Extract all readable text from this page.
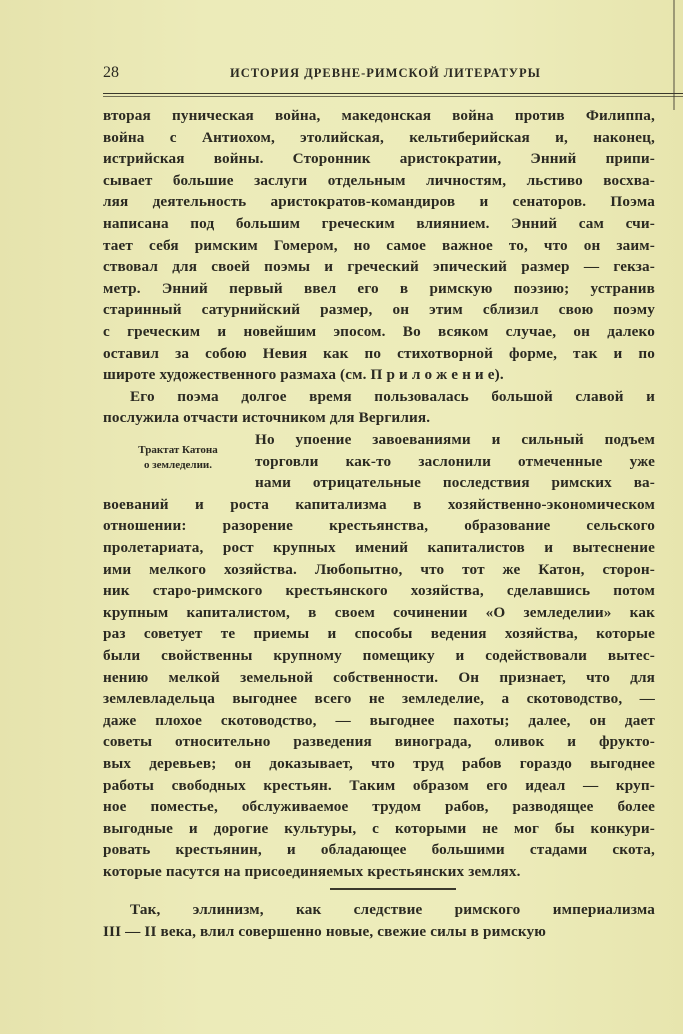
28	ИСТОРИЯ ДРЕВНЕ-РИМСКОЙ ЛИТЕРАТУРЫ
Трактат Катона
о земледелии.
вторая пуническая война, македонская война против Филиппа,
война с Антиохом, этолийская, кельтиберийская и, наконец,
истрийская войны. Сторонник аристократии, Энний припи-
сывает большие заслуги отдельным личностям, льстиво восхва-
ляя деятельность аристократов-командиров и сенаторов. Поэма
написана под большим греческим влиянием. Энний сам счи-
тает себя римским Гомером, но самое важное то, что он заим-
ствовал для своей поэмы и греческий эпический размер — гекза-
метр. Энний первый ввел его в римскую поэзию; устранив
старинный сатурнийский размер, он этим сблизил свою поэму
с греческим и новейшим эпосом. Во всяком случае, он далеко
оставил за собою Невия как по стихотворной форме, так и по
широте художественного размаха (см. П р и л о ж е н и е).
Его поэма долгое время пользовалась большой славой и
послужила отчасти источником для Вергилия.
Но упоение завоеваниями и сильный подъем
торговли как-то заслонили отмеченные уже
нами отрицательные последствия римских ва-
воеваний и роста капитализма в хозяйственно-экономическом
отношении: разорение крестьянства, образование сельского
пролетариата, рост крупных имений капиталистов и вытеснение
ими мелкого хозяйства. Любопытно, что тот же Катон, сторон-
ник старо-римского крестьянского хозяйства, сделавшись потом
крупным капиталистом, в своем сочинении «О земледелии» как
раз советует те приемы и способы ведения хозяйства, которые
были свойственны крупному помещику и содействовали вытес-
нению мелкой земельной собственности. Он признает, что для
землевладельца выгоднее всего не земледелие, а скотоводство, —
даже плохое скотоводство, — выгоднее пахоты; далее, он дает
советы относительно разведения винограда, оливок и фрукто-
вых деревьев; он доказывает, что труд рабов гораздо выгоднее
работы свободных крестьян. Таким образом его идеал — круп-
ное поместье, обслуживаемое трудом рабов, разводящее более
выгодные и дорогие культуры, с которыми не мог бы конкури-
ровать крестьянин, и обладающее большими стадами скота,
которые пасутся на присоединяемых крестьянских землях.
Так, эллинизм, как следствие римского империализма
III — II века, влил совершенно новые, свежие силы в римскую
